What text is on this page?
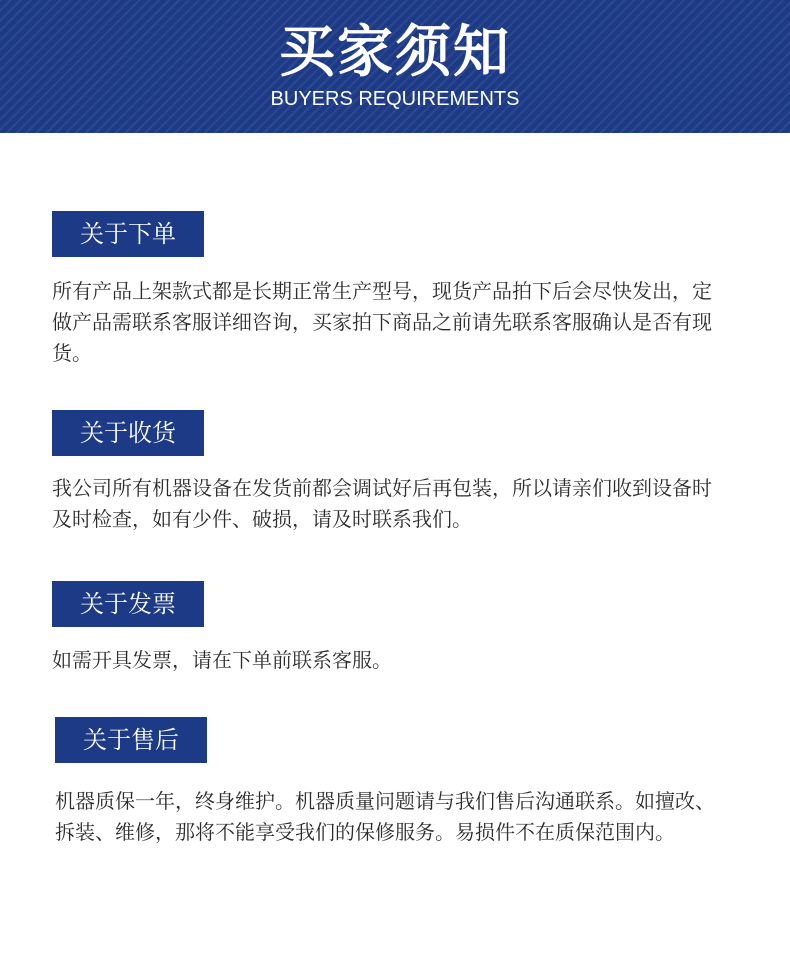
买家须知
BUYERS REQUIREMENTS
关于下单

所有产品上架款式都是长期正常生产型号，现货产品拍下后会尽快发出，定做产品需联系客服详细咨询，买家拍下商品之前请先联系客服确认是否有现货。

关于收货

我公司所有机器设备在发货前都会调试好后再包装，所以请亲们收到设备时及时检查，如有少件、破损，请及时联系我们。

关于发票

如需开具发票，请在下单前联系客服。

关于售后

机器质保一年，终身维护。机器质量问题请与我们售后沟通联系。如擅改、拆装、维修，那将不能享受我们的保修服务。易损件不在质保范围内。
